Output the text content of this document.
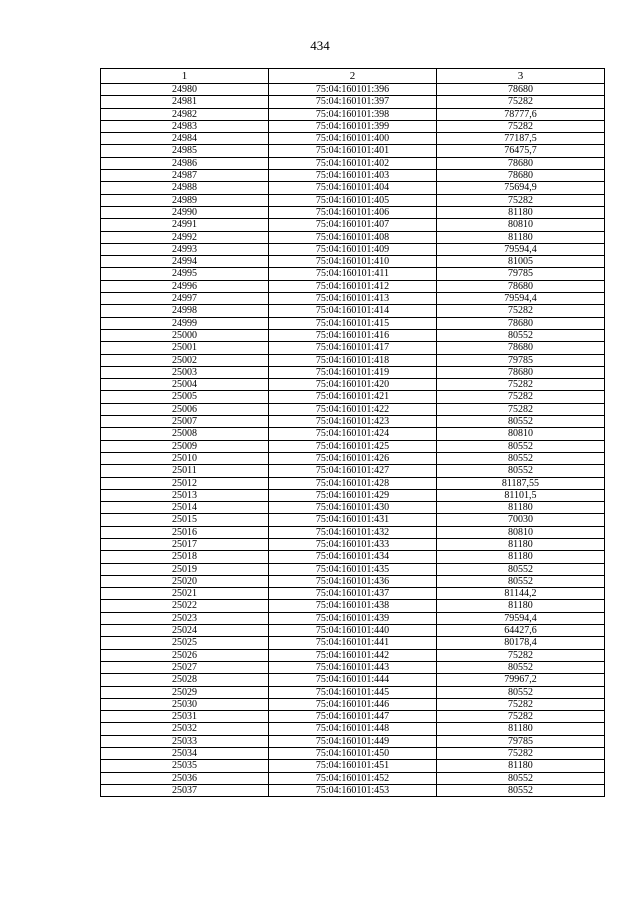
434
1	2	3
24980	75:04:160101:396	78680
24981	75:04:160101:397	75282
24982	75:04:160101:398	78777,6
24983	75:04:160101:399	75282
24984	75:04:160101:400	77187,5
24985	75:04:160101:401	76475,7
24986	75:04:160101:402	78680
24987	75:04:160101:403	78680
24988	75:04:160101:404	75694,9
24989	75:04:160101:405	75282
24990	75:04:160101:406	81180
24991	75:04:160101:407	80810
24992	75:04:160101:408	81180
24993	75:04:160101:409	79594,4
24994	75:04:160101:410	81005
24995	75:04:160101:411	79785
24996	75:04:160101:412	78680
24997	75:04:160101:413	79594,4
24998	75:04:160101:414	75282
24999	75:04:160101:415	78680
25000	75:04:160101:416	80552
25001	75:04:160101:417	78680
25002	75:04:160101:418	79785
25003	75:04:160101:419	78680
25004	75:04:160101:420	75282
25005	75:04:160101:421	75282
25006	75:04:160101:422	75282
25007	75:04:160101:423	80552
25008	75:04:160101:424	80810
25009	75:04:160101:425	80552
25010	75:04:160101:426	80552
25011	75:04:160101:427	80552
25012	75:04:160101:428	81187,55
25013	75:04:160101:429	81101,5
25014	75:04:160101:430	81180
25015	75:04:160101:431	70030
25016	75:04:160101:432	80810
25017	75:04:160101:433	81180
25018	75:04:160101:434	81180
25019	75:04:160101:435	80552
25020	75:04:160101:436	80552
25021	75:04:160101:437	81144,2
25022	75:04:160101:438	81180
25023	75:04:160101:439	79594,4
25024	75:04:160101:440	64427,6
25025	75:04:160101:441	80178,4
25026	75:04:160101:442	75282
25027	75:04:160101:443	80552
25028	75:04:160101:444	79967,2
25029	75:04:160101:445	80552
25030	75:04:160101:446	75282
25031	75:04:160101:447	75282
25032	75:04:160101:448	81180
25033	75:04:160101:449	79785
25034	75:04:160101:450	75282
25035	75:04:160101:451	81180
25036	75:04:160101:452	80552
25037	75:04:160101:453	80552
